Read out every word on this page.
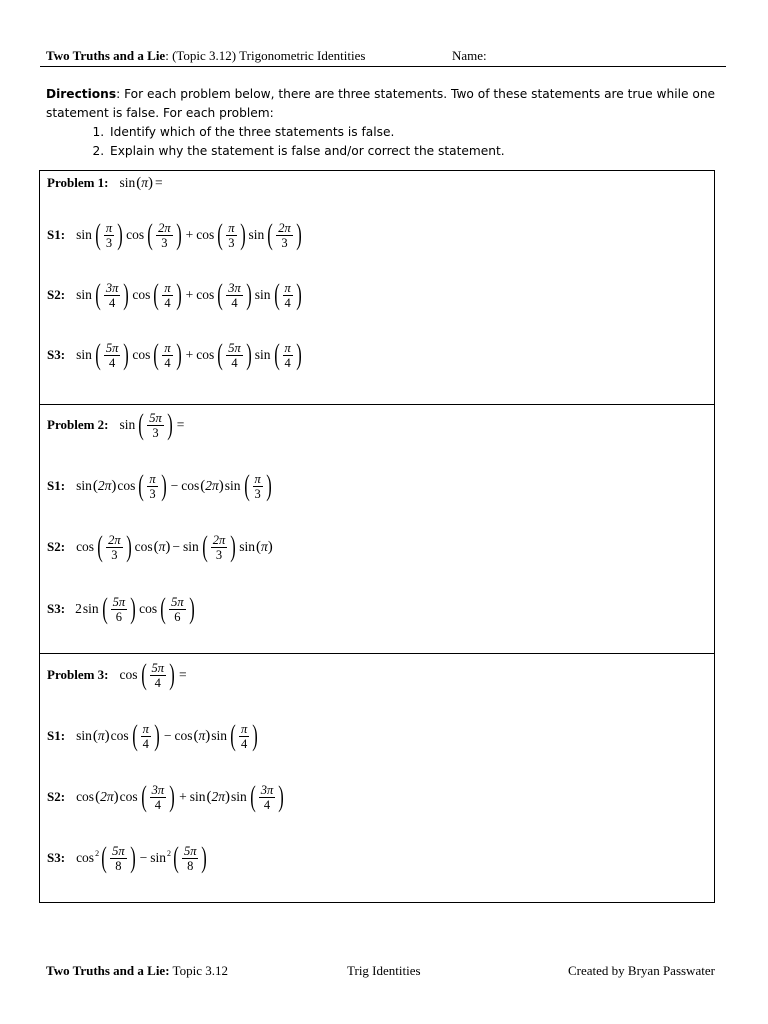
Two Truths and a Lie: (Topic 3.12) Trigonometric Identities	Name:
Directions: For each problem below, there are three statements. Two of these statements are true while one statement is false. For each problem:
1. Identify which of the three statements is false.
2. Explain why the statement is false and/or correct the statement.
Problem 1: sin ( π ) =
S1: sin ( $\frac{\pi}{3}$ ) cos ( $\frac{2\pi}{3}$ ) + cos ( $\frac{\pi}{3}$ ) sin ( $\frac{2\pi}{3}$ )
S2: sin ( $\frac{3\pi}{4}$ ) cos ( $\frac{\pi}{4}$ ) + cos ( $\frac{3\pi}{4}$ ) sin ( $\frac{\pi}{4}$ )
S3: sin ( $\frac{5\pi}{4}$ ) cos ( $\frac{\pi}{4}$ ) + cos ( $\frac{5\pi}{4}$ ) sin ( $\frac{\pi}{4}$ )
Problem 2: sin ( $\frac{5\pi}{3}$ ) =
S1: sin ( 2π ) cos ( $\frac{\pi}{3}$ ) − cos ( 2π ) sin ( $\frac{\pi}{3}$ )
S2: cos ( $\frac{2\pi}{3}$ ) cos ( π ) − sin ( $\frac{2\pi}{3}$ ) sin ( π )
S3: 2 sin ( $\frac{5\pi}{6}$ ) cos ( $\frac{5\pi}{6}$ )
Problem 3: cos ( $\frac{5\pi}{4}$ ) =
S1: sin ( π ) cos ( $\frac{\pi}{4}$ ) − cos ( π ) sin ( $\frac{\pi}{4}$ )
S2: cos ( 2π ) cos ( $\frac{3\pi}{4}$ ) + sin ( 2π ) sin ( $\frac{3\pi}{4}$ )
S3: cos 2 ( $\frac{5\pi}{8}$ ) − sin 2 ( $\frac{5\pi}{8}$ )
Two Truths and a Lie: Topic 3.12	Trig Identities	Created by Bryan Passwater
